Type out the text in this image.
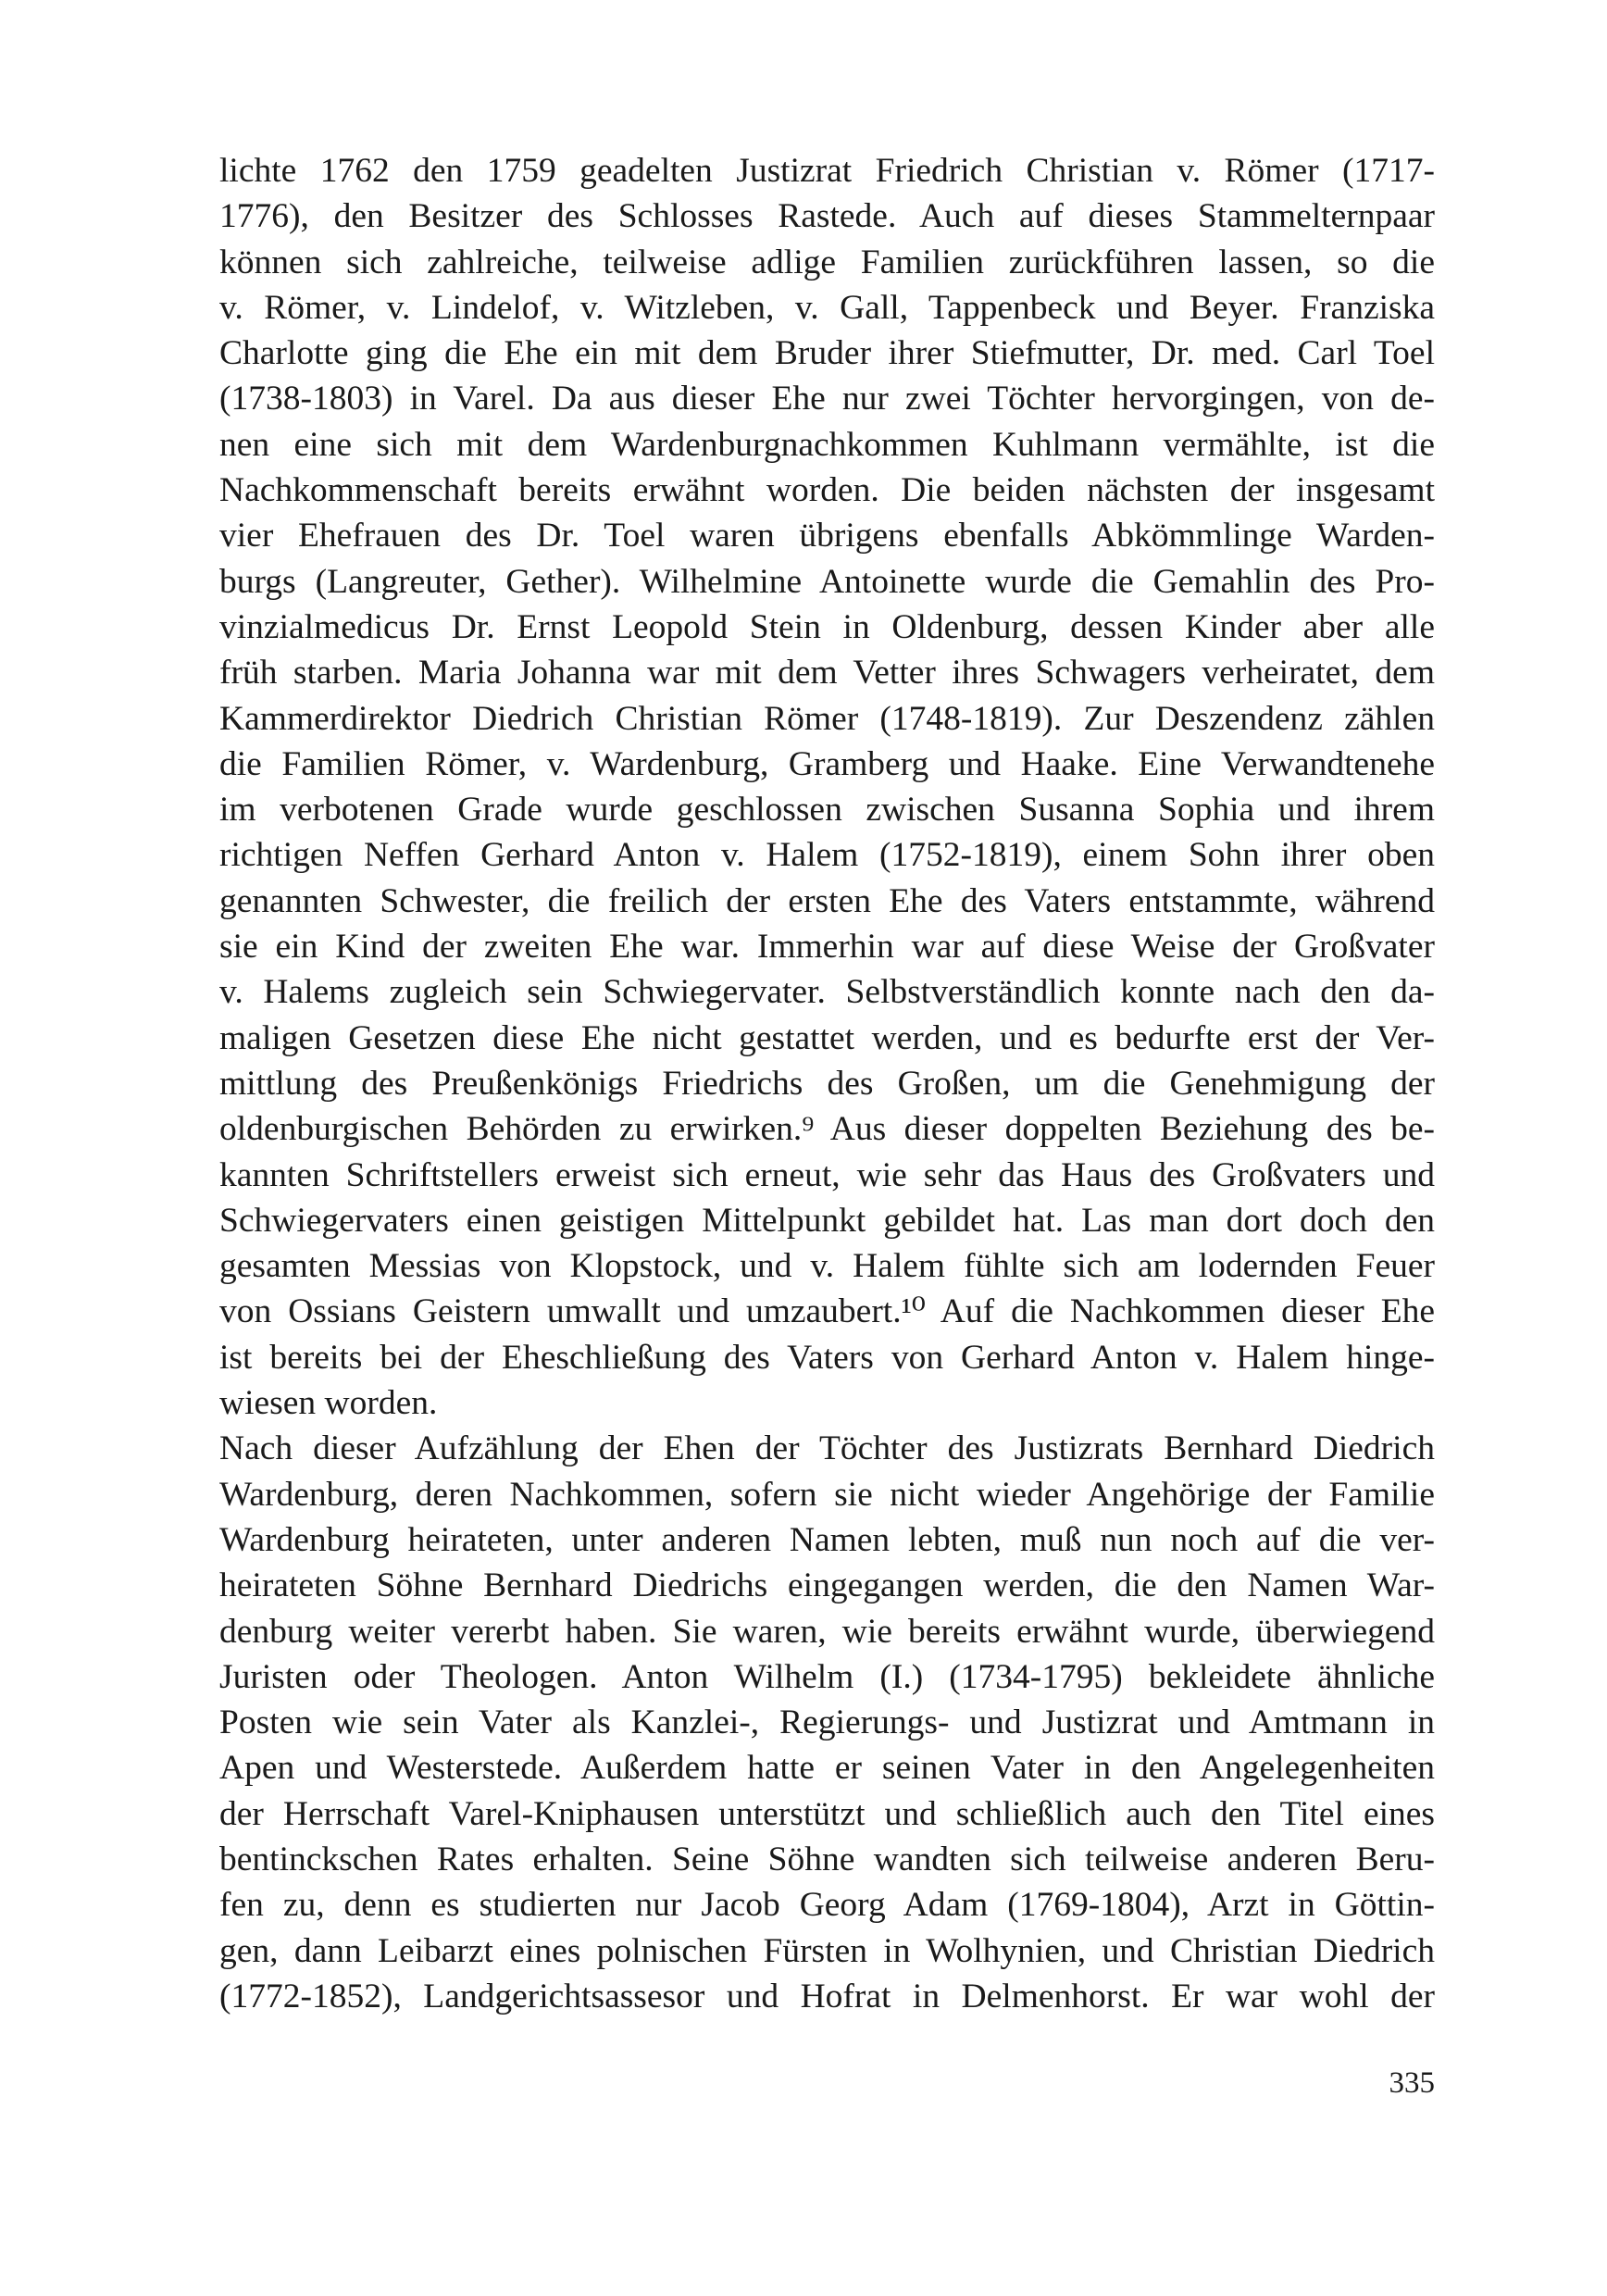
lichte 1762 den 1759 geadelten Justizrat Friedrich Christian v. Römer (1717-
1776), den Besitzer des Schlosses Rastede. Auch auf dieses Stammelternpaar
können sich zahlreiche, teilweise adlige Familien zurückführen lassen, so die
v. Römer, v. Lindelof, v. Witzleben, v. Gall, Tappenbeck und Beyer. Franziska
Charlotte ging die Ehe ein mit dem Bruder ihrer Stiefmutter, Dr. med. Carl Toel
(1738-1803) in Varel. Da aus dieser Ehe nur zwei Töchter hervorgingen, von de-
nen eine sich mit dem Wardenburgnachkommen Kuhlmann vermählte, ist die
Nachkommenschaft bereits erwähnt worden. Die beiden nächsten der insgesamt
vier Ehefrauen des Dr. Toel waren übrigens ebenfalls Abkömmlinge Warden-
burgs (Langreuter, Gether). Wilhelmine Antoinette wurde die Gemahlin des Pro-
vinzialmedicus Dr. Ernst Leopold Stein in Oldenburg, dessen Kinder aber alle
früh starben. Maria Johanna war mit dem Vetter ihres Schwagers verheiratet, dem
Kammerdirektor Diedrich Christian Römer (1748-1819). Zur Deszendenz zählen
die Familien Römer, v. Wardenburg, Gramberg und Haake. Eine Verwandtenehe
im verbotenen Grade wurde geschlossen zwischen Susanna Sophia und ihrem
richtigen Neffen Gerhard Anton v. Halem (1752-1819), einem Sohn ihrer oben
genannten Schwester, die freilich der ersten Ehe des Vaters entstammte, während
sie ein Kind der zweiten Ehe war. Immerhin war auf diese Weise der Großvater
v. Halems zugleich sein Schwiegervater. Selbstverständlich konnte nach den da-
maligen Gesetzen diese Ehe nicht gestattet werden, und es bedurfte erst der Ver-
mittlung des Preußenkönigs Friedrichs des Großen, um die Genehmigung der
oldenburgischen Behörden zu erwirken.⁹ Aus dieser doppelten Beziehung des be-
kannten Schriftstellers erweist sich erneut, wie sehr das Haus des Großvaters und
Schwiegervaters einen geistigen Mittelpunkt gebildet hat. Las man dort doch den
gesamten Messias von Klopstock, und v. Halem fühlte sich am lodernden Feuer
von Ossians Geistern umwallt und umzaubert.¹⁰ Auf die Nachkommen dieser Ehe
ist bereits bei der Eheschließung des Vaters von Gerhard Anton v. Halem hinge-
wiesen worden.
Nach dieser Aufzählung der Ehen der Töchter des Justizrats Bernhard Diedrich
Wardenburg, deren Nachkommen, sofern sie nicht wieder Angehörige der Familie
Wardenburg heirateten, unter anderen Namen lebten, muß nun noch auf die ver-
heirateten Söhne Bernhard Diedrichs eingegangen werden, die den Namen War-
denburg weiter vererbt haben. Sie waren, wie bereits erwähnt wurde, überwiegend
Juristen oder Theologen. Anton Wilhelm (I.) (1734-1795) bekleidete ähnliche
Posten wie sein Vater als Kanzlei-, Regierungs- und Justizrat und Amtmann in
Apen und Westerstede. Außerdem hatte er seinen Vater in den Angelegenheiten
der Herrschaft Varel-Kniphausen unterstützt und schließlich auch den Titel eines
bentinckschen Rates erhalten. Seine Söhne wandten sich teilweise anderen Beru-
fen zu, denn es studierten nur Jacob Georg Adam (1769-1804), Arzt in Göttin-
gen, dann Leibarzt eines polnischen Fürsten in Wolhynien, und Christian Diedrich
(1772-1852), Landgerichtsassesor und Hofrat in Delmenhorst. Er war wohl der
335
